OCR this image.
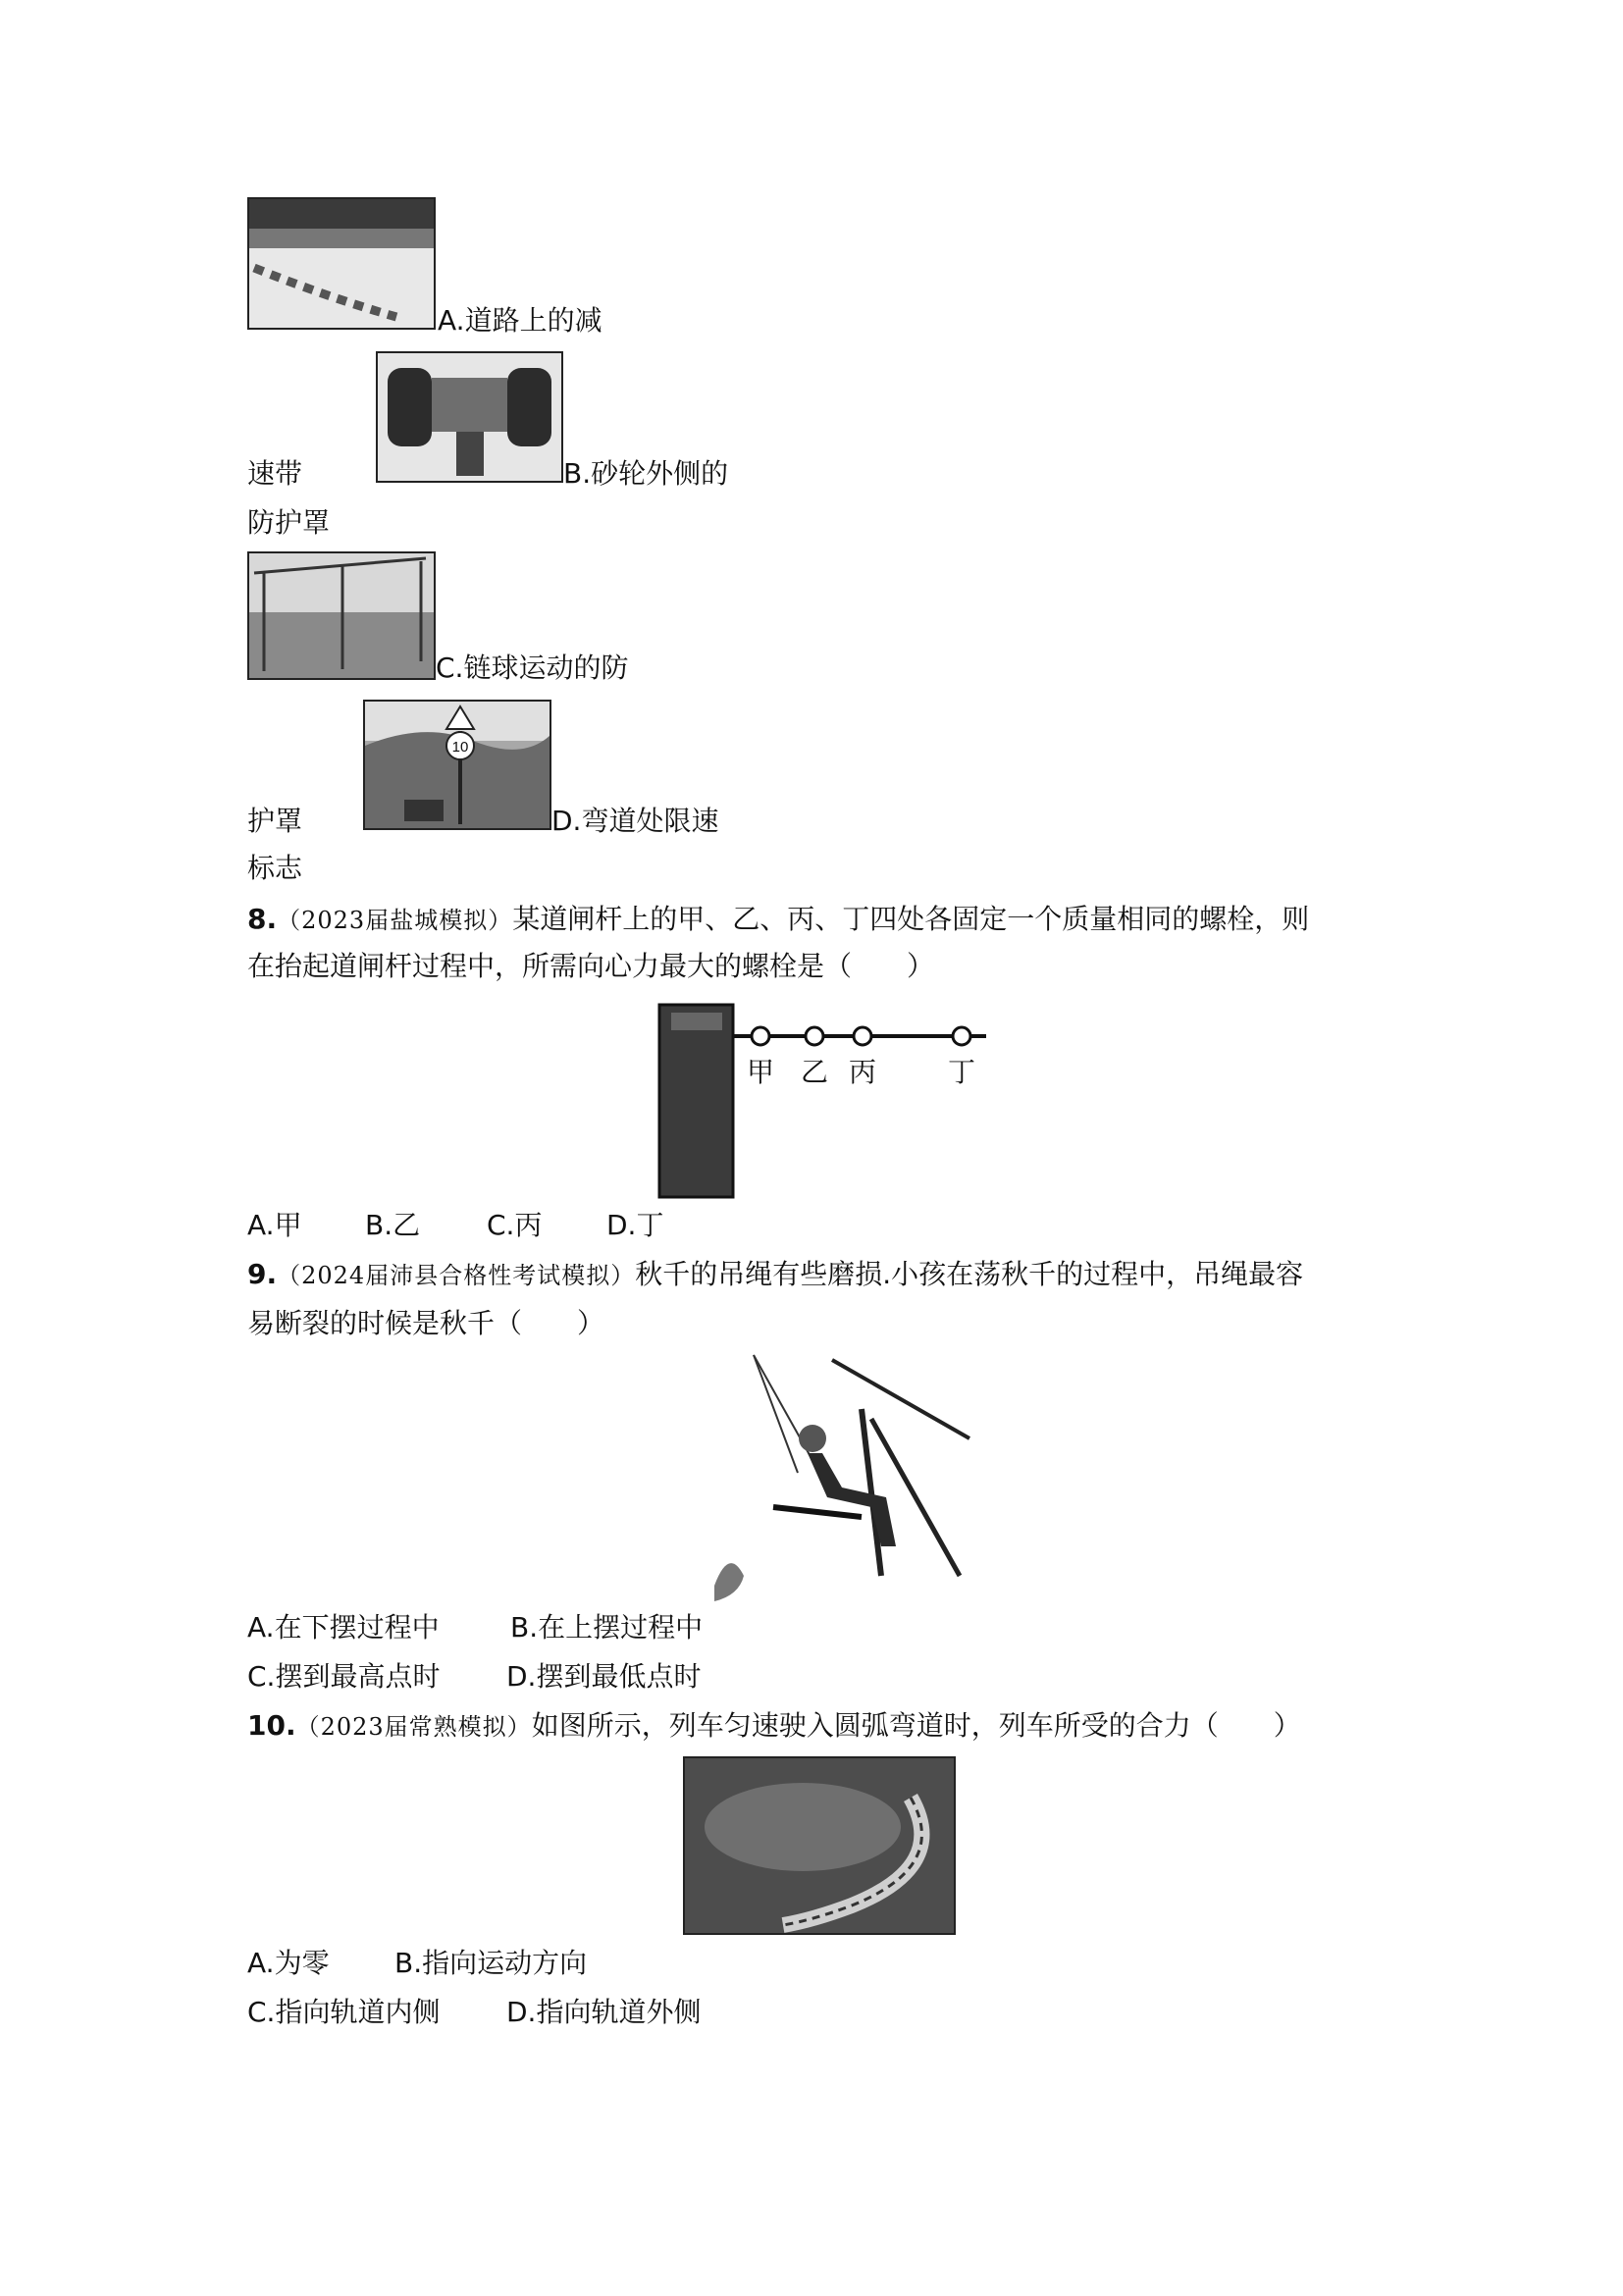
A.道路上的减
速带	B.砂轮外侧的
防护罩
C.链球运动的防
护罩
10
D.弯道处限速
标志
8.（2023届盐城模拟）某道闸杆上的甲、乙、丙、丁四处各固定一个质量相同的螺栓，则
在抬起道闸杆过程中，所需向心力最大的螺栓是（　　）
甲 乙 丙	丁
A.甲 B.乙 C.丙 D.丁
9.（2024届沛县合格性考试模拟）秋千的吊绳有些磨损.小孩在荡秋千的过程中，吊绳最容
易断裂的时候是秋千（　　）
A.在下摆过程中	B.在上摆过程中
C.摆到最高点时 D.摆到最低点时
10.（2023届常熟模拟）如图所示，列车匀速驶入圆弧弯道时，列车所受的合力（　　）
A.为零 B.指向运动方向
C.指向轨道内侧 D.指向轨道外侧
